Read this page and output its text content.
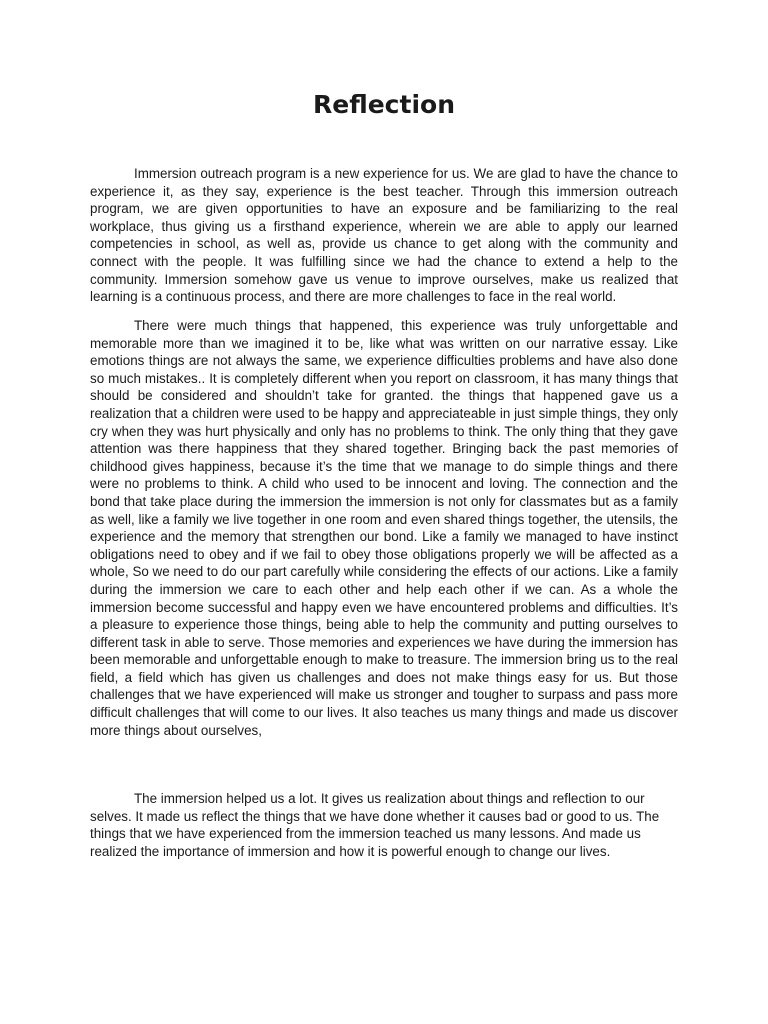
Reflection

Immersion outreach program is a new experience for us. We are glad to have the chance to experience it, as they say, experience is the best teacher. Through this immersion outreach program, we are given opportunities to have an exposure and be familiarizing to the real workplace, thus giving us a firsthand experience, wherein we are able to apply our learned competencies in school, as well as, provide us chance to get along with the community and connect with the people. It was fulfilling since we had the chance to extend a help to the community. Immersion somehow gave us venue to improve ourselves, make us realized that learning is a continuous process, and there are more challenges to face in the real world.

There were much things that happened, this experience was truly unforgettable and memorable more than we imagined it to be, like what was written on our narrative essay. Like emotions things are not always the same, we experience difficulties problems and have also done so much mistakes.. It is completely different when you report on classroom, it has many things that should be considered and shouldn’t take for granted. the things that happened gave us a realization that a children were used to be happy and appreciateable in just simple things, they only cry when they was hurt physically and only has no problems to think. The only thing that they gave attention was there happiness that they shared together. Bringing back the past memories of childhood gives happiness, because it’s the time that we manage to do simple things and there were no problems to think. A child who used to be innocent and loving. The connection and the bond that take place during the immersion the immersion is not only for classmates but as a family as well, like a family we live together in one room and even shared things together, the utensils, the experience and the memory that strengthen our bond. Like a family we managed to have instinct obligations need to obey and if we fail to obey those obligations properly we will be affected as a whole, So we need to do our part carefully while considering the effects of our actions. Like a family during the immersion we care to each other and help each other if we can. As a whole the immersion become successful and happy even we have encountered problems and difficulties. It’s a pleasure to experience those things, being able to help the community and putting ourselves to different task in able to serve. Those memories and experiences we have during the immersion has been memorable and unforgettable enough to make to treasure. The immersion bring us to the real field, a field which has given us challenges and does not make things easy for us. But those challenges that we have experienced will make us stronger and tougher to surpass and pass more difficult challenges that will come to our lives. It also teaches us many things and made us discover more things about ourselves,

The immersion helped us a lot. It gives us realization about things and reflection to our selves. It made us reflect the things that we have done whether it causes bad or good to us. The things that we have experienced from the immersion teached us many lessons. And made us realized the importance of immersion and how it is powerful enough to change our lives.
